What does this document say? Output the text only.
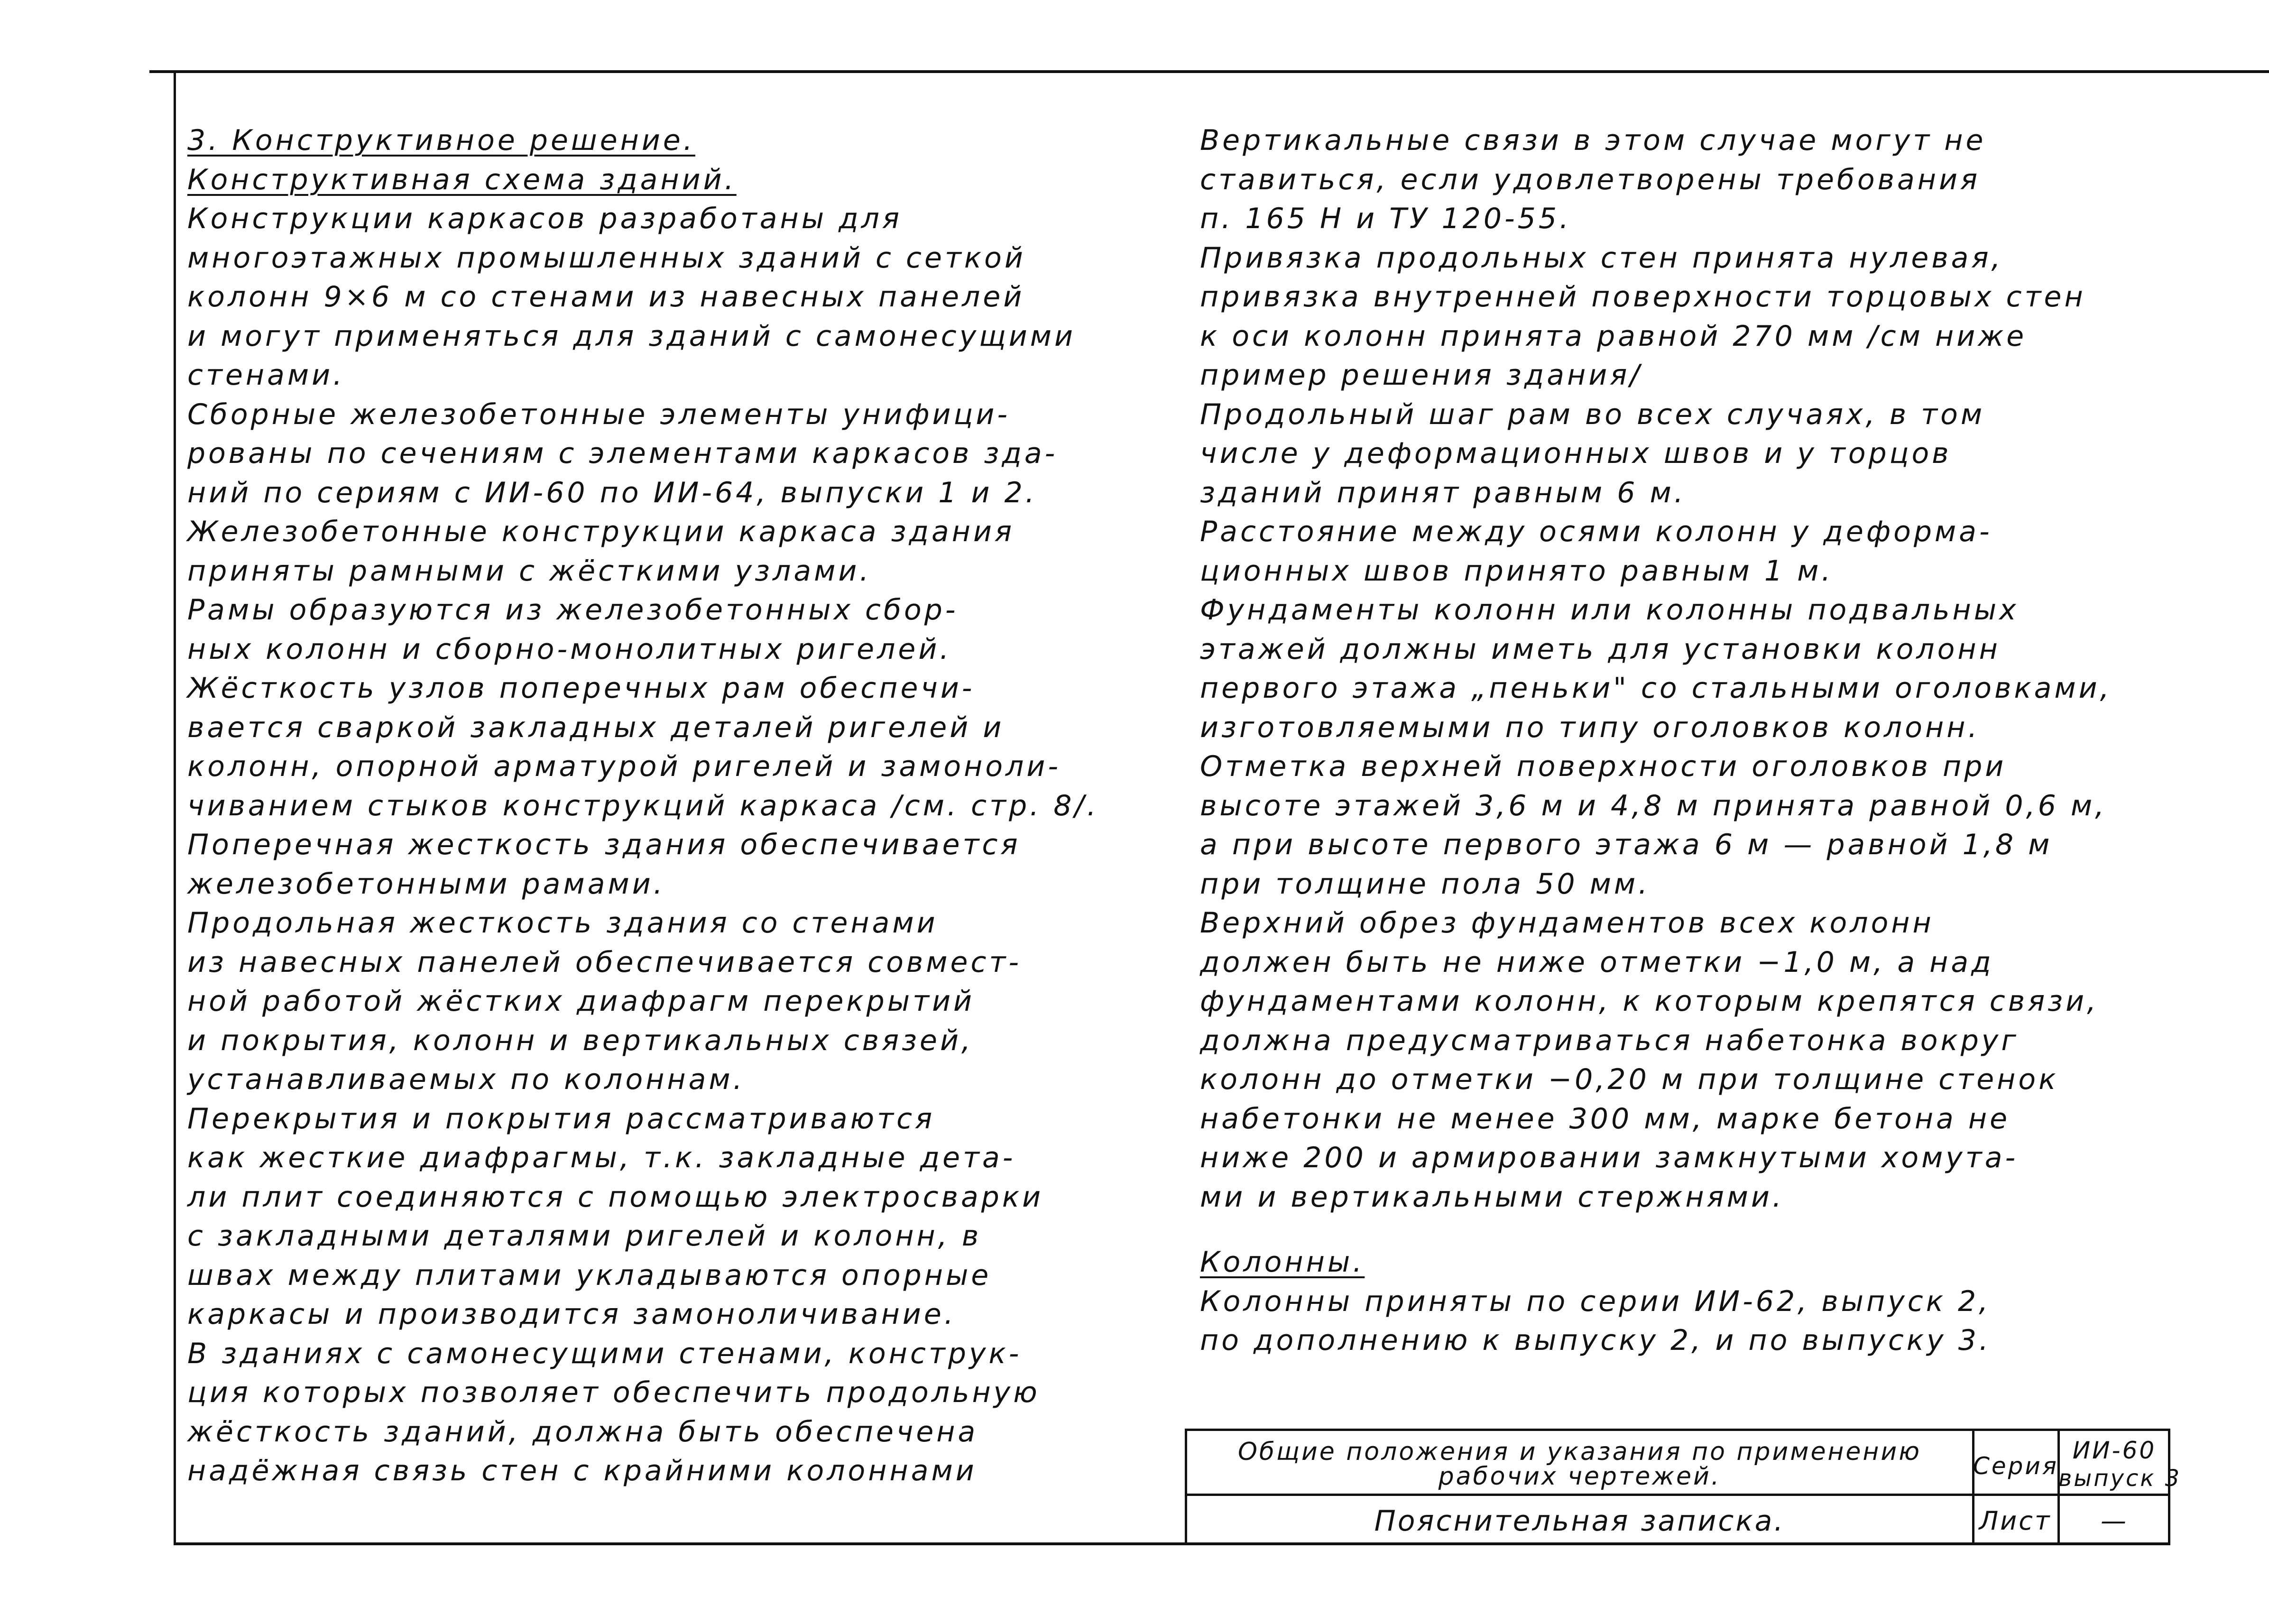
3. Конструктивное решение.
Конструктивная схема зданий.
Конструкции каркасов разработаны для
многоэтажных промышленных зданий с сеткой
колонн 9×6 м со стенами из навесных панелей
и могут применяться для зданий с самонесущими
стенами.
Сборные железобетонные элементы унифици-
рованы по сечениям с элементами каркасов зда-
ний по сериям с ИИ-60 по ИИ-64, выпуски 1 и 2.
Железобетонные конструкции каркаса здания
приняты рамными с жёсткими узлами.
Рамы образуются из железобетонных сбор-
ных колонн и сборно-монолитных ригелей.
Жёсткость узлов поперечных рам обеспечи-
вается сваркой закладных деталей ригелей и
колонн, опорной арматурой ригелей и замоноли-
чиванием стыков конструкций каркаса /см. стр. 8/.
Поперечная жесткость здания обеспечивается
железобетонными рамами.
Продольная жесткость здания со стенами
из навесных панелей обеспечивается совмест-
ной работой жёстких диафрагм перекрытий
и покрытия, колонн и вертикальных связей,
устанавливаемых по колоннам.
Перекрытия и покрытия рассматриваются
как жесткие диафрагмы, т.к. закладные дета-
ли плит соединяются с помощью электросварки
с закладными деталями ригелей и колонн, в
швах между плитами укладываются опорные
каркасы и производится замоноличивание.
В зданиях с самонесущими стенами, конструк-
ция которых позволяет обеспечить продольную
жёсткость зданий, должна быть обеспечена
надёжная связь стен с крайними колоннами
Вертикальные связи в этом случае могут не
ставиться, если удовлетворены требования
п. 165 Н и ТУ 120-55.
Привязка продольных стен принята нулевая,
привязка внутренней поверхности торцовых стен
к оси колонн принята равной 270 мм /см ниже
пример решения здания/
Продольный шаг рам во всех случаях, в том
числе у деформационных швов и у торцов
зданий принят равным 6 м.
Расстояние между осями колонн у деформа-
ционных швов принято равным 1 м.
Фундаменты колонн или колонны подвальных
этажей должны иметь для установки колонн
первого этажа „пеньки" со стальными оголовками,
изготовляемыми по типу оголовков колонн.
Отметка верхней поверхности оголовков при
высоте этажей 3,6 м и 4,8 м принята равной 0,6 м,
а при высоте первого этажа 6 м — равной 1,8 м
при толщине пола 50 мм.
Верхний обрез фундаментов всех колонн
должен быть не ниже отметки −1,0 м, а над
фундаментами колонн, к которым крепятся связи,
должна предусматриваться набетонка вокруг
колонн до отметки −0,20 м при толщине стенок
набетонки не менее 300 мм, марке бетона не
ниже 200 и армировании замкнутыми хомута-
ми и вертикальными стержнями.
Колонны.
Колонны приняты по серии ИИ-62, выпуск 2,
по дополнению к выпуску 2, и по выпуску 3.
Общие положения и указания по применению
рабочих чертежей.
Пояснительная записка.
Серия
ИИ-60
выпуск 3
Лист	—
